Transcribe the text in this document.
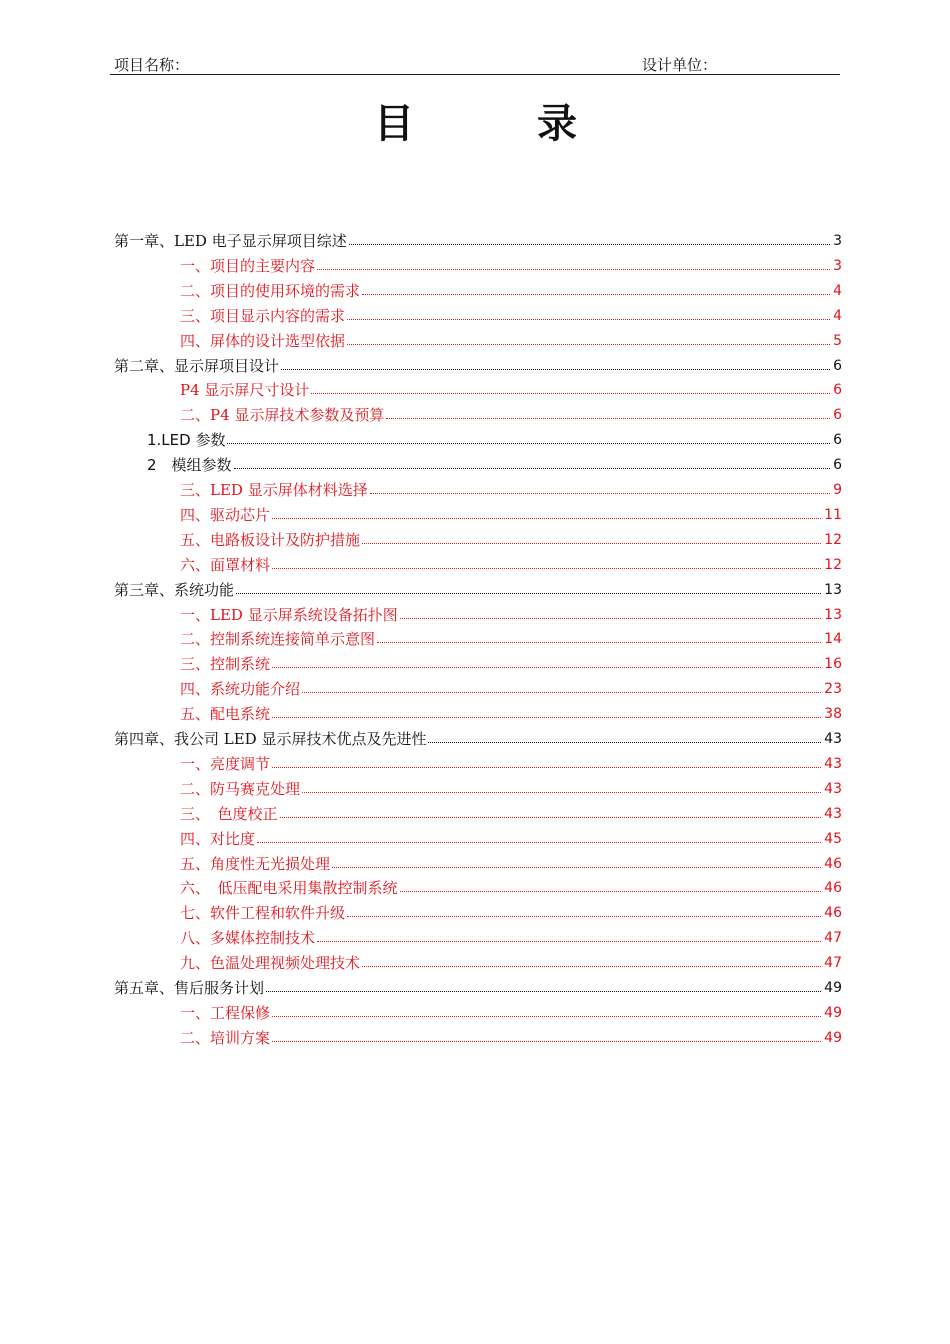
项目名称：	设计单位：
目	录
第一章、LED 电子显示屏项目综述	3
一、项目的主要内容	3
二、项目的使用环境的需求	4
三、项目显示内容的需求	4
四、屏体的设计选型依据	5
第二章、显示屏项目设计	6
P4 显示屏尺寸设计	6
二、P4 显示屏技术参数及预算	6
1.LED 参数	6
2　模组参数	6
三、LED 显示屏体材料选择	9
四、驱动芯片	11
五、电路板设计及防护措施	12
六、面罩材料	12
第三章、系统功能	13
一、LED 显示屏系统设备拓扑图	13
二、控制系统连接简单示意图	14
三、控制系统	16
四、系统功能介绍	23
五、配电系统	38
第四章、我公司 LED 显示屏技术优点及先进性	43
一、亮度调节	43
二、防马赛克处理	43
三、　色度校正	43
四、对比度	45
五、角度性无光损处理	46
六、　低压配电采用集散控制系统	46
七、软件工程和软件升级	46
八、多媒体控制技术	47
九、色温处理视频处理技术	47
第五章、售后服务计划	49
一、工程保修	49
二、培训方案	49
